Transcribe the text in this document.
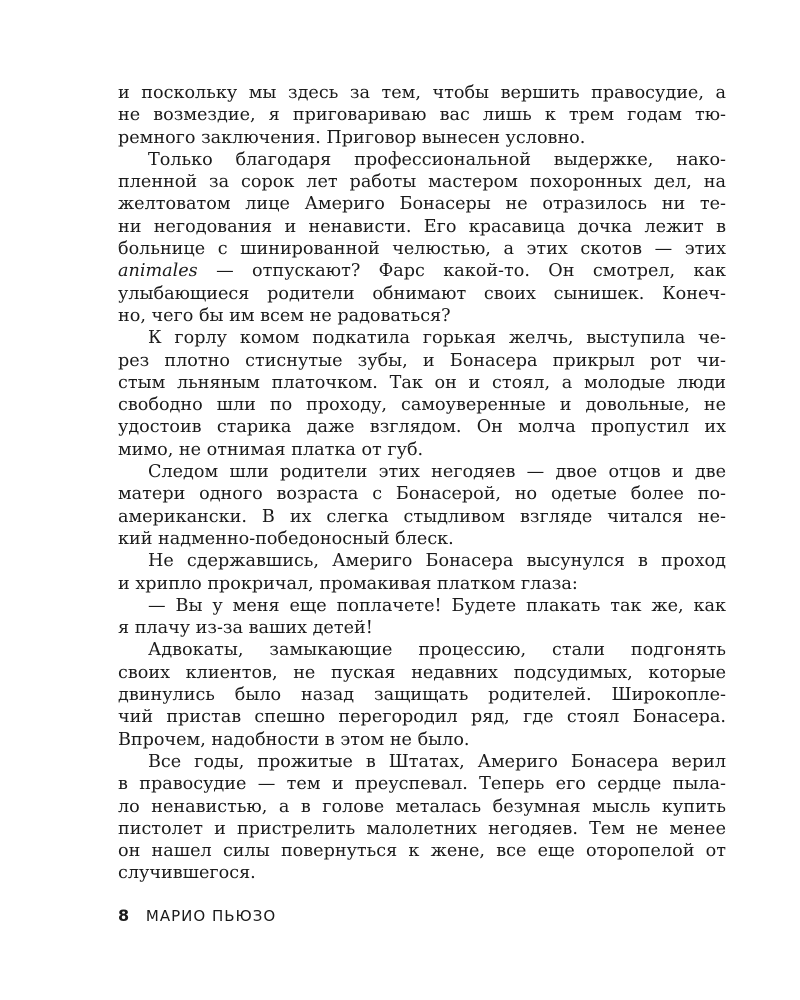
и поскольку мы здесь за тем, чтобы вершить правосудие, а
не возмездие, я приговариваю вас лишь к трем годам тю-
ремного заключения. Приговор вынесен условно.
Только благодаря профессиональной выдержке, нако-
пленной за сорок лет работы мастером похоронных дел, на
желтоватом лице Америго Бонасеры не отразилось ни те-
ни негодования и ненависти. Его красавица дочка лежит в
больнице с шинированной челюстью, а этих скотов — этих
animales — отпускают? Фарс какой-то. Он смотрел, как
улыбающиеся родители обнимают своих сынишек. Конеч-
но, чего бы им всем не радоваться?
К горлу комом подкатила горькая желчь, выступила че-
рез плотно стиснутые зубы, и Бонасера прикрыл рот чи-
стым льняным платочком. Так он и стоял, а молодые люди
свободно шли по проходу, самоуверенные и довольные, не
удостоив старика даже взглядом. Он молча пропустил их
мимо, не отнимая платка от губ.
Следом шли родители этих негодяев — двое отцов и две
матери одного возраста с Бонасерой, но одетые более по-
американски. В их слегка стыдливом взгляде читался не-
кий надменно-победоносный блеск.
Не сдержавшись, Америго Бонасера высунулся в проход
и хрипло прокричал, промакивая платком глаза:
— Вы у меня еще поплачете! Будете плакать так же, как
я плачу из-за ваших детей!
Адвокаты, замыкающие процессию, стали подгонять
своих клиентов, не пуская недавних подсудимых, которые
двинулись было назад защищать родителей. Широкопле-
чий пристав спешно перегородил ряд, где стоял Бонасера.
Впрочем, надобности в этом не было.
Все годы, прожитые в Штатах, Америго Бонасера верил
в правосудие — тем и преуспевал. Теперь его сердце пыла-
ло ненавистью, а в голове металась безумная мысль купить
пистолет и пристрелить малолетних негодяев. Тем не менее
он нашел силы повернуться к жене, все еще оторопелой от
случившегося.
8 МАРИО ПЬЮЗО
